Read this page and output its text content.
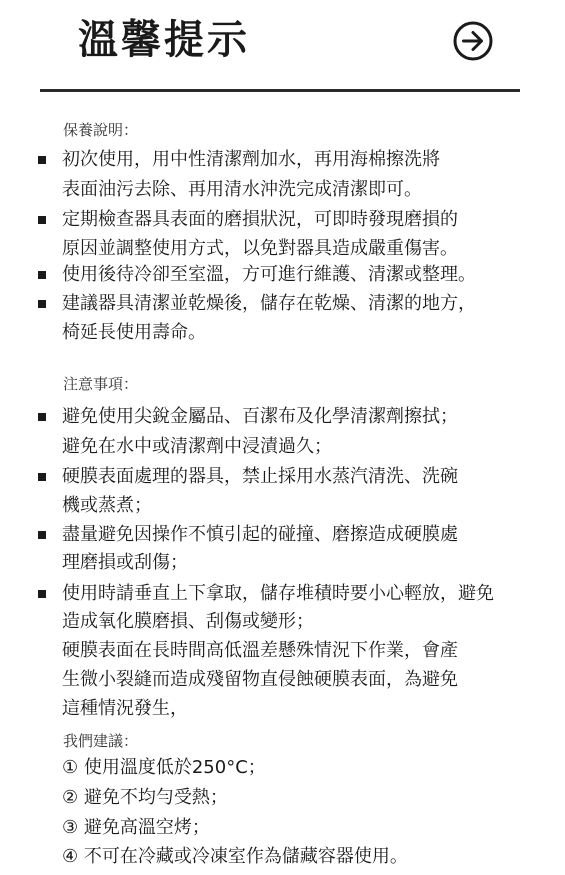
溫馨提示
保養說明：
初次使用，用中性清潔劑加水，再用海棉擦洗將
表面油污去除、再用清水沖洗完成清潔即可。
定期檢查器具表面的磨損狀況，可即時發現磨損的
原因並調整使用方式，以免對器具造成嚴重傷害。
使用後待冷卻至室溫，方可進行維護、清潔或整理。
建議器具清潔並乾燥後，儲存在乾燥、清潔的地方，
椅延長使用壽命。
注意事項：
避免使用尖銳金屬品、百潔布及化學清潔劑擦拭；
避免在水中或清潔劑中浸漬過久；
硬膜表面處理的器具，禁止採用水蒸汽清洗、洗碗
機或蒸煮；
盡量避免因操作不慎引起的碰撞、磨擦造成硬膜處
理磨損或刮傷；
使用時請垂直上下拿取，儲存堆積時要小心輕放，避免
造成氧化膜磨損、刮傷或變形；
硬膜表面在長時間高低溫差懸殊情況下作業，會產
生微小裂縫而造成殘留物直侵蝕硬膜表面，為避免
這種情況發生，
我們建議：
① 使用溫度低於250°C；
② 避免不均勻受熱；
③ 避免高溫空烤；
④ 不可在冷藏或冷凍室作為儲藏容器使用。
